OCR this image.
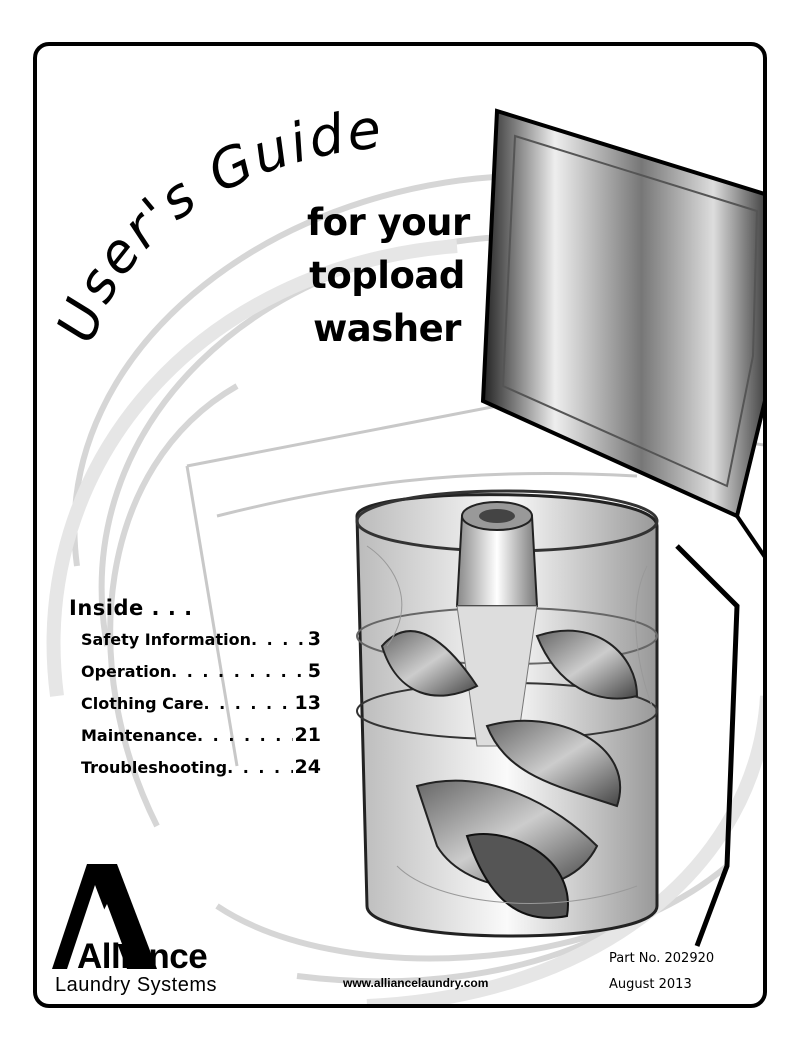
User's Guide
for your
topload
washer
Inside . . .
Safety Information . . .	3
Operation . . .	5
Clothing Care . . .	13
Maintenance . . .	21
Troubleshooting . . .	24
Alliance
Laundry Systems	www.alliancelaundry.com
Part No. 202920
August 2013
